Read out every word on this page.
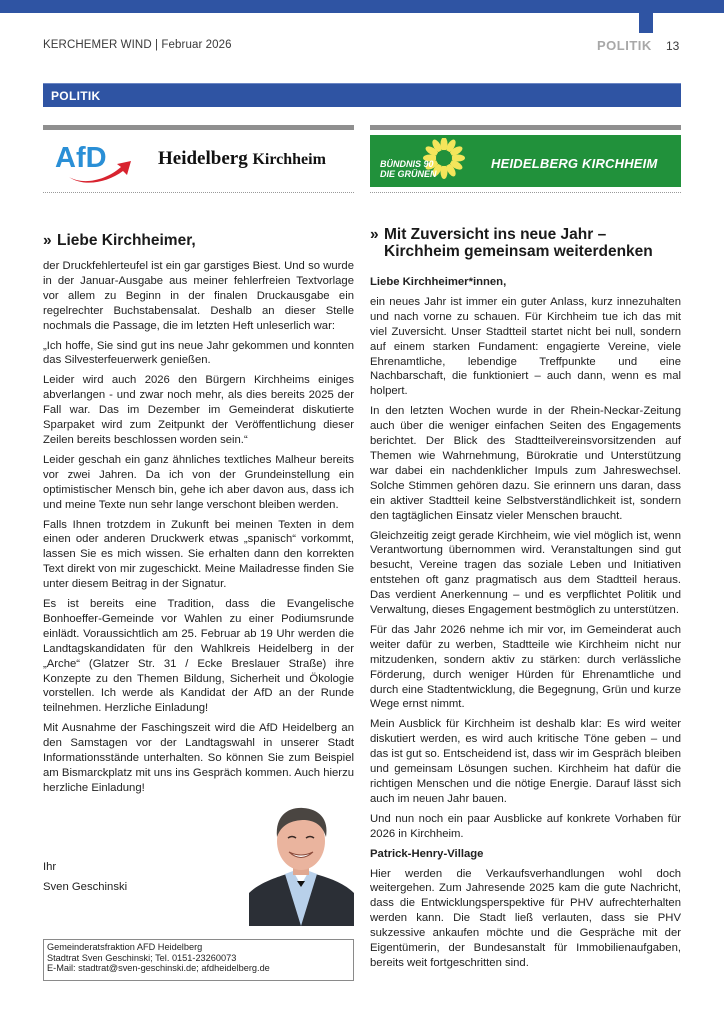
KERCHEMER WIND | Februar 2026	POLITIK 13
POLITIK
AfD	Heidelberg Kirchheim	BÜNDNIS 90
DIE GRÜNEN
HEIDELBERG KIRCHHEIM
» Liebe Kirchheimer,

der Druckfehlerteufel ist ein gar garstiges Biest. Und so wurde in der Januar-Ausgabe aus meiner fehlerfreien Textvorlage vor allem zu Beginn in der finalen Druckausgabe ein regelrechter Buchstabensalat. Deshalb an dieser Stelle nochmals die Passage, die im letzten Heft unleserlich war:

„Ich hoffe, Sie sind gut ins neue Jahr gekommen und konnten das Silvesterfeuerwerk genießen.

Leider wird auch 2026 den Bürgern Kirchheims einiges abverlangen - und zwar noch mehr, als dies bereits 2025 der Fall war. Das im Dezember im Gemeinderat diskutierte Sparpaket wird zum Zeitpunkt der Veröffentlichung dieser Zeilen bereits beschlossen worden sein.“

Leider geschah ein ganz ähnliches textliches Malheur bereits vor zwei Jahren. Da ich von der Grundeinstellung ein optimistischer Mensch bin, gehe ich aber davon aus, dass ich und meine Texte nun sehr lange verschont bleiben werden.

Falls Ihnen trotzdem in Zukunft bei meinen Texten in dem einen oder anderen Druckwerk etwas „spanisch“ vorkommt, lassen Sie es mich wissen. Sie erhalten dann den korrekten Text direkt von mir zugeschickt. Meine Mailadresse finden Sie unter diesem Beitrag in der Signatur.

Es ist bereits eine Tradition, dass die Evangelische Bonhoeffer-Gemeinde vor Wahlen zu einer Podiumsrunde einlädt. Voraussichtlich am 25. Februar ab 19 Uhr werden die Landtagskandidaten für den Wahlkreis Heidelberg in der „Arche“ (Glatzer Str. 31 / Ecke Breslauer Straße) ihre Konzepte zu den Themen Bildung, Sicherheit und Ökologie vorstellen. Ich werde als Kandidat der AfD an der Runde teilnehmen. Herzliche Einladung!

Mit Ausnahme der Faschingszeit wird die AfD Heidelberg an den Samstagen vor der Landtagswahl in unserer Stadt Informationsstände unterhalten. So können Sie zum Beispiel am Bismarckplatz mit uns ins Gespräch kommen. Auch hierzu herzliche Einladung!

Ihr
Sven Geschinski
Gemeinderatsfraktion AFD Heidelberg
Stadtrat Sven Geschinski; Tel. 0151-23260073
E-Mail: stadtrat@sven-geschinski.de; afdheidelberg.de
» Mit Zuversicht ins neue Jahr – Kirchheim gemeinsam weiterdenken

Liebe Kirchheimer*innen,

ein neues Jahr ist immer ein guter Anlass, kurz innezuhalten und nach vorne zu schauen. Für Kirchheim tue ich das mit viel Zuversicht. Unser Stadtteil startet nicht bei null, sondern auf einem starken Fundament: engagierte Vereine, viele Ehrenamtliche, lebendige Treffpunkte und eine Nachbarschaft, die funktioniert – auch dann, wenn es mal holpert.

In den letzten Wochen wurde in der Rhein-Neckar-Zeitung auch über die weniger einfachen Seiten des Engagements berichtet. Der Blick des Stadtteilvereinsvorsitzenden auf Themen wie Wahrnehmung, Bürokratie und Unterstützung war dabei ein nachdenklicher Impuls zum Jahreswechsel. Solche Stimmen gehören dazu. Sie erinnern uns daran, dass ein aktiver Stadtteil keine Selbstverständlichkeit ist, sondern den tagtäglichen Einsatz vieler Menschen braucht.

Gleichzeitig zeigt gerade Kirchheim, wie viel möglich ist, wenn Verantwortung übernommen wird. Veranstaltungen sind gut besucht, Vereine tragen das soziale Leben und Initiativen entstehen oft ganz pragmatisch aus dem Stadtteil heraus. Das verdient Anerkennung – und es verpflichtet Politik und Verwaltung, dieses Engagement bestmöglich zu unterstützen.

Für das Jahr 2026 nehme ich mir vor, im Gemeinderat auch weiter dafür zu werben, Stadtteile wie Kirchheim nicht nur mitzudenken, sondern aktiv zu stärken: durch verlässliche Förderung, durch weniger Hürden für Ehrenamtliche und durch eine Stadtentwicklung, die Begegnung, Grün und kurze Wege ernst nimmt.

Mein Ausblick für Kirchheim ist deshalb klar: Es wird weiter diskutiert werden, es wird auch kritische Töne geben – und das ist gut so. Entscheidend ist, dass wir im Gespräch bleiben und gemeinsam Lösungen suchen. Kirchheim hat dafür die richtigen Menschen und die nötige Energie. Darauf lässt sich auch im neuen Jahr bauen.

Und nun noch ein paar Ausblicke auf konkrete Vorhaben für 2026 in Kirchheim.

Patrick-Henry-Village

Hier werden die Verkaufsverhandlungen wohl doch weitergehen. Zum Jahresende 2025 kam die gute Nachricht, dass die Entwicklungsperspektive für PHV aufrechterhalten werden kann. Die Stadt ließ verlauten, dass sie PHV sukzessive ankaufen möchte und die Gespräche mit der Eigentümerin, der Bundesanstalt für Immobilienaufgaben, bereits weit fortgeschritten sind.
